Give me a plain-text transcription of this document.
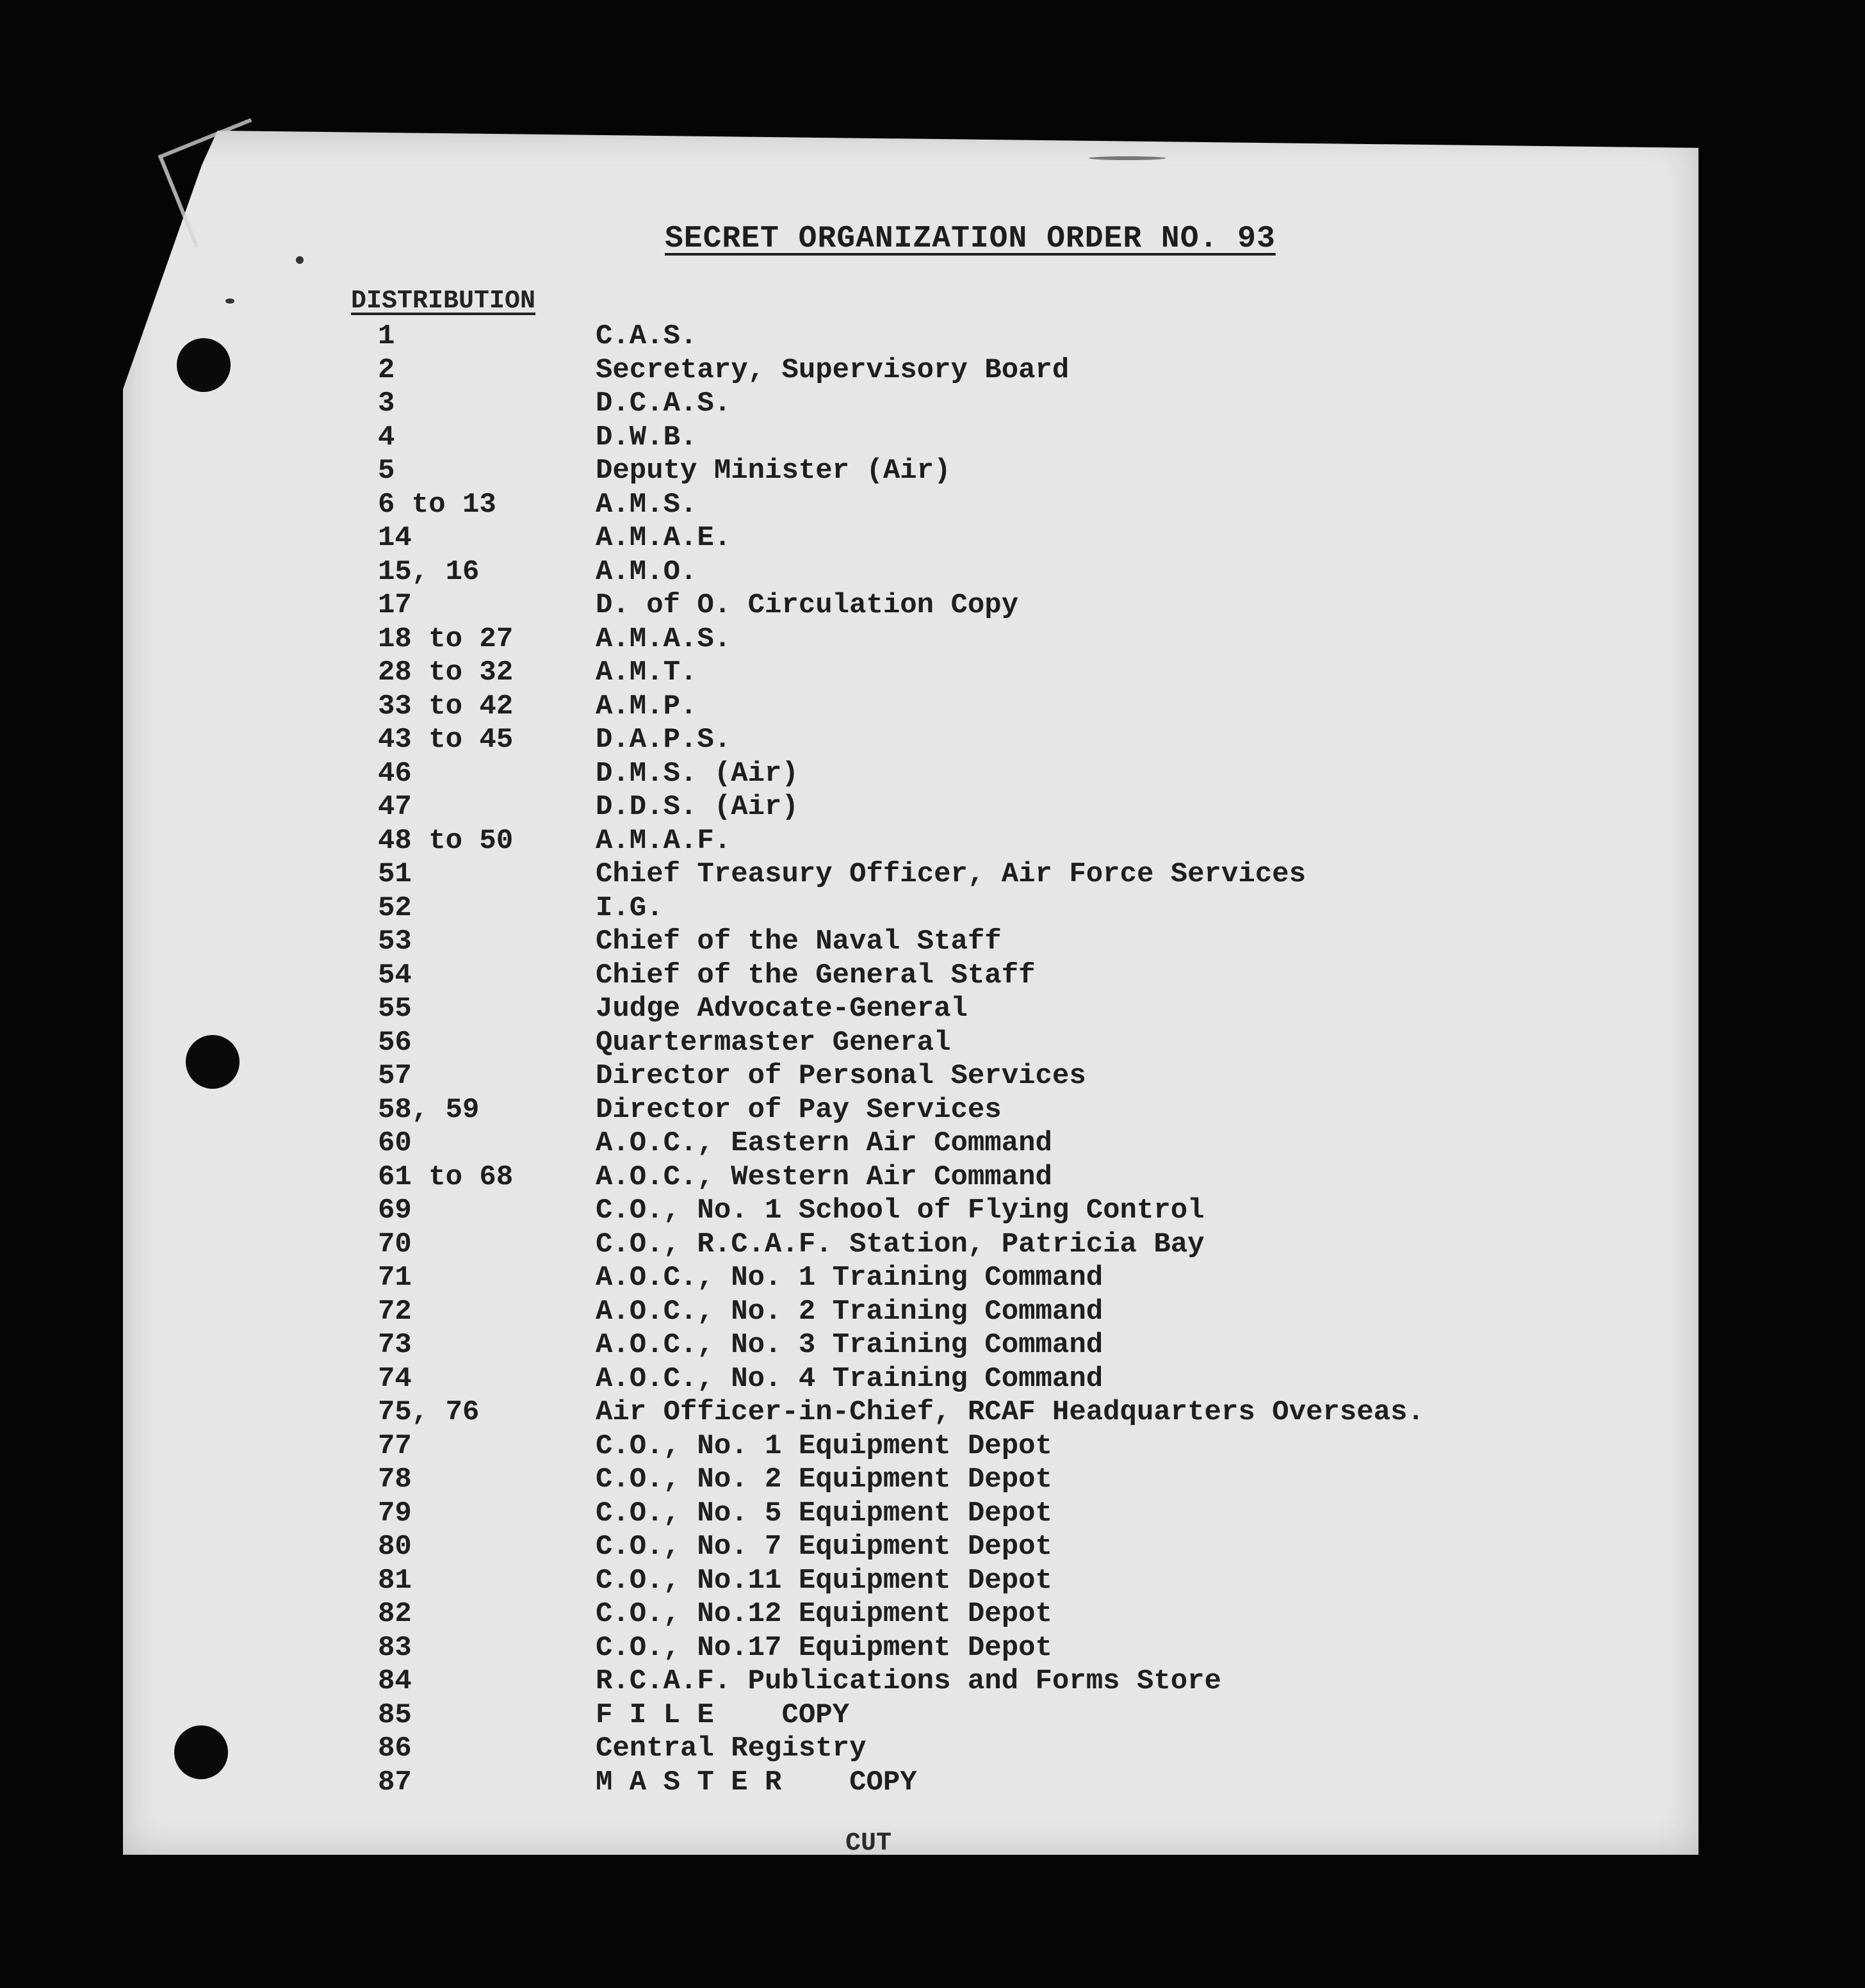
SECRET ORGANIZATION ORDER NO. 93
DISTRIBUTION
1	C.A.S.
2	Secretary, Supervisory Board
3	D.C.A.S.
4	D.W.B.
5	Deputy Minister (Air)
6 to 13	A.M.S.
14	A.M.A.E.
15, 16	A.M.O.
17	D. of O. Circulation Copy
18 to 27	A.M.A.S.
28 to 32	A.M.T.
33 to 42	A.M.P.
43 to 45	D.A.P.S.
46	D.M.S. (Air)
47	D.D.S. (Air)
48 to 50	A.M.A.F.
51	Chief Treasury Officer, Air Force Services
52	I.G.
53	Chief of the Naval Staff
54	Chief of the General Staff
55	Judge Advocate-General
56	Quartermaster General
57	Director of Personal Services
58, 59	Director of Pay Services
60	A.O.C., Eastern Air Command
61 to 68	A.O.C., Western Air Command
69	C.O., No. 1 School of Flying Control
70	C.O., R.C.A.F. Station, Patricia Bay
71	A.O.C., No. 1 Training Command
72	A.O.C., No. 2 Training Command
73	A.O.C., No. 3 Training Command
74	A.O.C., No. 4 Training Command
75, 76	Air Officer-in-Chief, RCAF Headquarters Overseas.
77	C.O., No. 1 Equipment Depot
78	C.O., No. 2 Equipment Depot
79	C.O., No. 5 Equipment Depot
80	C.O., No. 7 Equipment Depot
81	C.O., No.11 Equipment Depot
82	C.O., No.12 Equipment Depot
83	C.O., No.17 Equipment Depot
84	R.C.A.F. Publications and Forms Store
85	F I L E    COPY
86	Central Registry
87	M A S T E R    COPY
CUT
